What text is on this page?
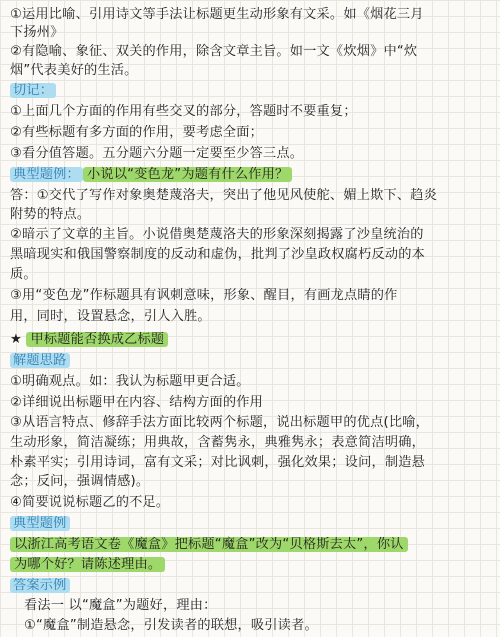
①运用比喻、引用诗文等手法让标题更生动形象有文采。如《烟花三月
下扬州》
②有隐喻、象征、双关的作用，除含文章主旨。如一文《炊烟》中“炊
烟”代表美好的生活。
切记：
①上面几个方面的作用有些交叉的部分，答题时不要重复；
②有些标题有多方面的作用，要考虑全面；
③看分值答题。五分题六分题一定要至少答三点。
典型题例： 小说以“变色龙”为题有什么作用？
答：①交代了写作对象奥楚蔑洛夫，突出了他见风使舵、媚上欺下、趋炎
附势的特点。
②暗示了文章的主旨。小说借奥楚蔑洛夫的形象深刻揭露了沙皇统治的
黑暗现实和俄国警察制度的反动和虚伪，批判了沙皇政权腐朽反动的本
质。
③用“变色龙”作标题具有讽刺意味，形象、醒目，有画龙点睛的作
用，同时，设置悬念，引人入胜。
★ 甲标题能否换成乙标题
解题思路
①明确观点。如：我认为标题甲更合适。
②详细说出标题甲在内容、结构方面的作用
③从语言特点、修辞手法方面比较两个标题，说出标题甲的优点(比喻，
生动形象，简洁凝练；用典故，含蓄隽永，典雅隽永；表意简洁明确，
朴素平实；引用诗词，富有文采；对比讽刺，强化效果；设问，制造悬
念；反问，强调情感)。
④简要说说标题乙的不足。
典型题例
以浙江高考语文卷《魔盒》把标题“魔盒”改为“贝格斯去太”，你认
为哪个好？请陈述理由。
答案示例
看法一 以“魔盒”为题好，理由：
①“魔盒”制造悬念，引发读者的联想，吸引读者。
